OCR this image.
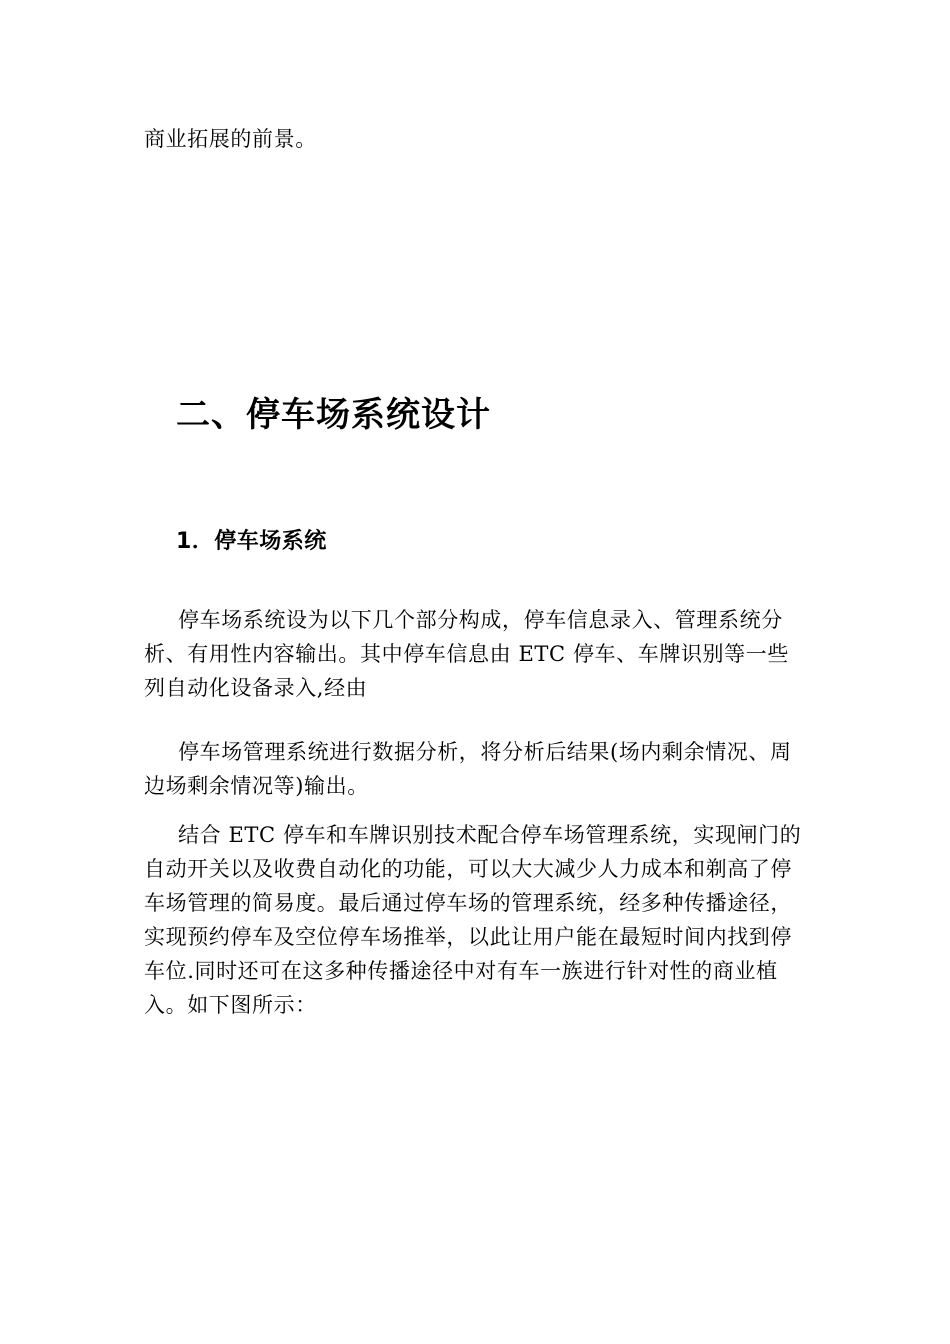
商业拓展的前景。

二、停车场系统设计
1．停车场系统

停车场系统设为以下几个部分构成，停车信息录入、管理系统分析、有用性内容输出。其中停车信息由 ETC 停车、车牌识别等一些列自动化设备录入,经由

停车场管理系统进行数据分析，将分析后结果(场内剩余情况、周边场剩余情况等)输出。

结合 ETC 停车和车牌识别技术配合停车场管理系统，实现闸门的自动开关以及收费自动化的功能，可以大大减少人力成本和剃高了停车场管理的简易度。最后通过停车场的管理系统，经多种传播途径，实现预约停车及空位停车场推举，以此让用户能在最短时间内找到停车位.同时还可在这多种传播途径中对有车一族进行针对性的商业植入。如下图所示：
